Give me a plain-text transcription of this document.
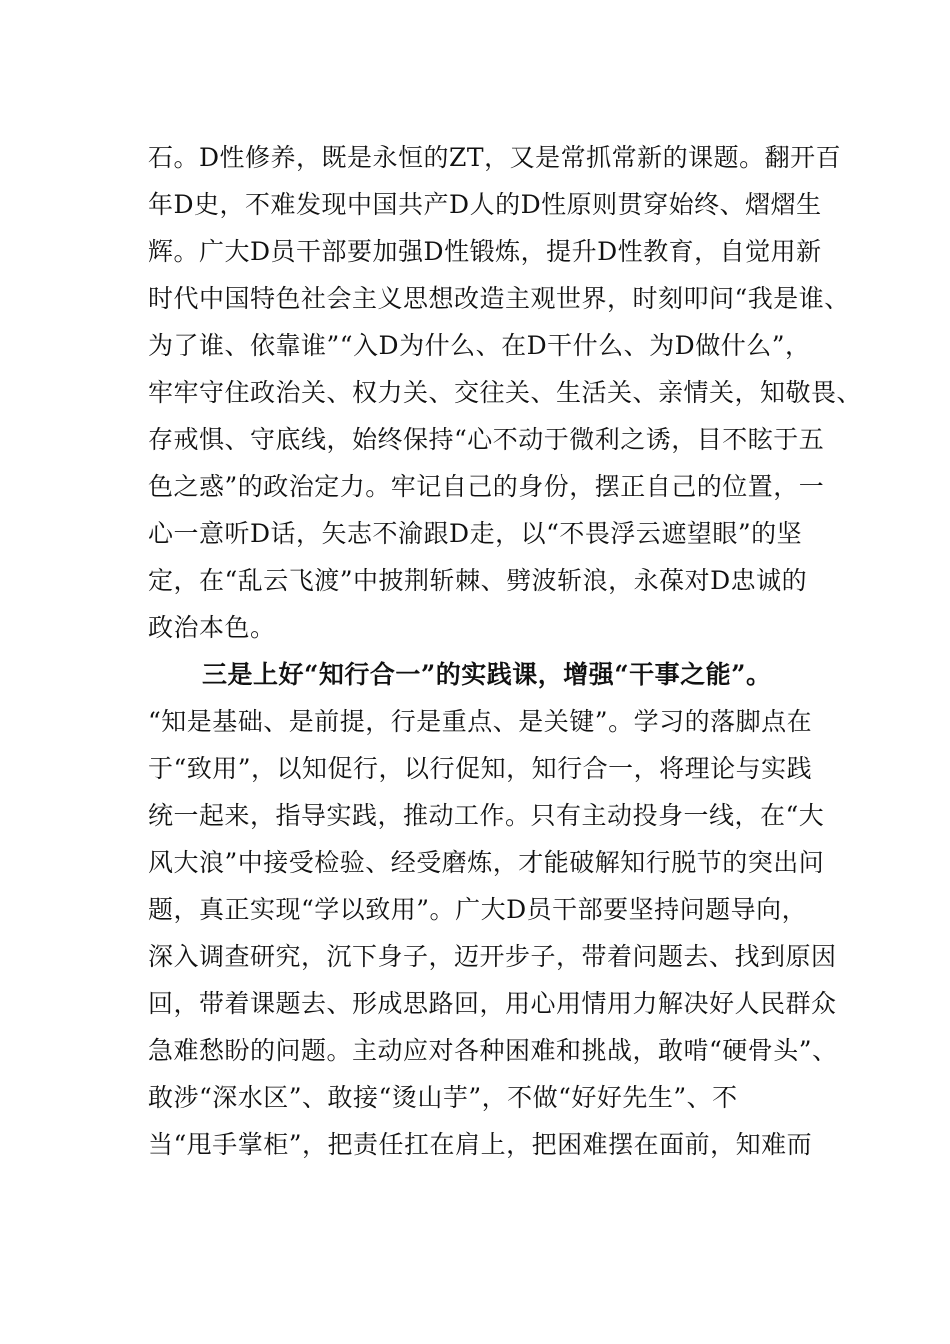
石。D性修养，既是永恒的ZT，又是常抓常新的课题。翻开百
年D史，不难发现中国共产D人的D性原则贯穿始终、熠熠生
辉。广大D员干部要加强D性锻炼，提升D性教育，自觉用新
时代中国特色社会主义思想改造主观世界，时刻叩问“我是谁、
为了谁、依靠谁”“入D为什么、在D干什么、为D做什么”，
牢牢守住政治关、权力关、交往关、生活关、亲情关，知敬畏、
存戒惧、守底线，始终保持“心不动于微利之诱，目不眩于五
色之惑”的政治定力。牢记自己的身份，摆正自己的位置，一
心一意听D话，矢志不渝跟D走，以“不畏浮云遮望眼”的坚
定，在“乱云飞渡”中披荆斩棘、劈波斩浪，永葆对D忠诚的
政治本色。
三是上好“知行合一”的实践课，增强“干事之能”。
“知是基础、是前提，行是重点、是关键”。学习的落脚点在
于“致用”，以知促行，以行促知，知行合一，将理论与实践
统一起来，指导实践，推动工作。只有主动投身一线，在“大
风大浪”中接受检验、经受磨炼，才能破解知行脱节的突出问
题，真正实现“学以致用”。广大D员干部要坚持问题导向，
深入调查研究，沉下身子，迈开步子，带着问题去、找到原因
回，带着课题去、形成思路回，用心用情用力解决好人民群众
急难愁盼的问题。主动应对各种困难和挑战，敢啃“硬骨头”、
敢涉“深水区”、敢接“烫山芋”，不做“好好先生”、不
当“甩手掌柜”，把责任扛在肩上，把困难摆在面前，知难而
